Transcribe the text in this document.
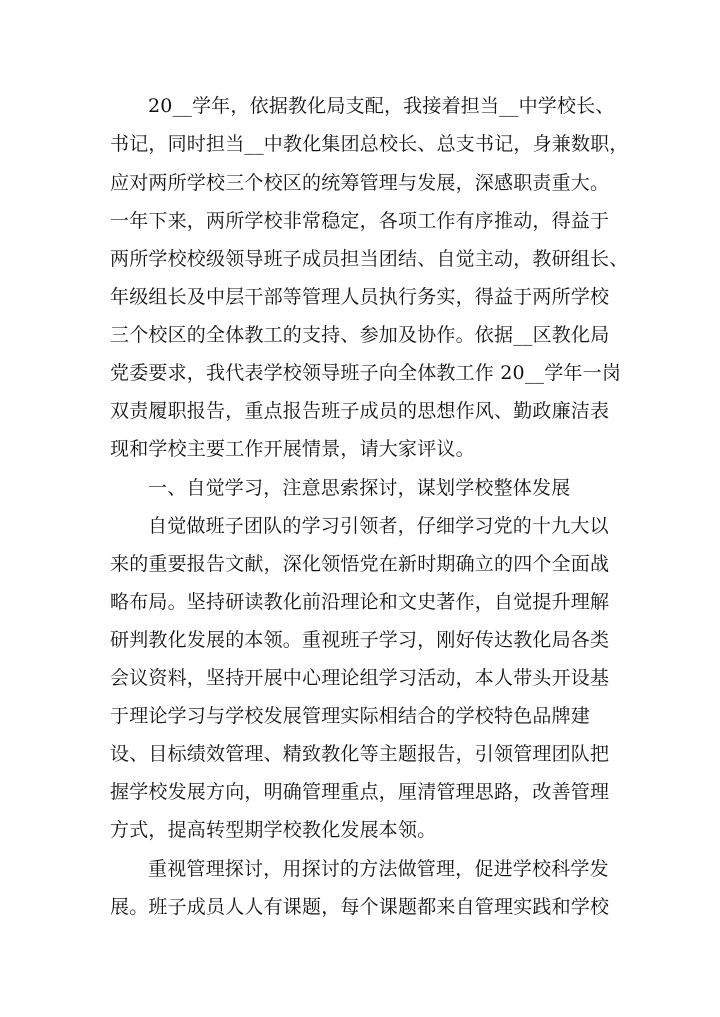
20__学年，依据教化局支配，我接着担当__中学校长、
书记，同时担当__中教化集团总校长、总支书记，身兼数职，
应对两所学校三个校区的统筹管理与发展，深感职责重大。
一年下来，两所学校非常稳定，各项工作有序推动，得益于
两所学校校级领导班子成员担当团结、自觉主动，教研组长、
年级组长及中层干部等管理人员执行务实，得益于两所学校
三个校区的全体教工的支持、参加及协作。依据__区教化局
党委要求，我代表学校领导班子向全体教工作 20__学年一岗
双责履职报告，重点报告班子成员的思想作风、勤政廉洁表
现和学校主要工作开展情景，请大家评议。
一、自觉学习，注意思索探讨，谋划学校整体发展
自觉做班子团队的学习引领者，仔细学习党的十九大以
来的重要报告文献，深化领悟党在新时期确立的四个全面战
略布局。坚持研读教化前沿理论和文史著作，自觉提升理解
研判教化发展的本领。重视班子学习，刚好传达教化局各类
会议资料，坚持开展中心理论组学习活动，本人带头开设基
于理论学习与学校发展管理实际相结合的学校特色品牌建
设、目标绩效管理、精致教化等主题报告，引领管理团队把
握学校发展方向，明确管理重点，厘清管理思路，改善管理
方式，提高转型期学校教化发展本领。
重视管理探讨，用探讨的方法做管理，促进学校科学发
展。班子成员人人有课题，每个课题都来自管理实践和学校
